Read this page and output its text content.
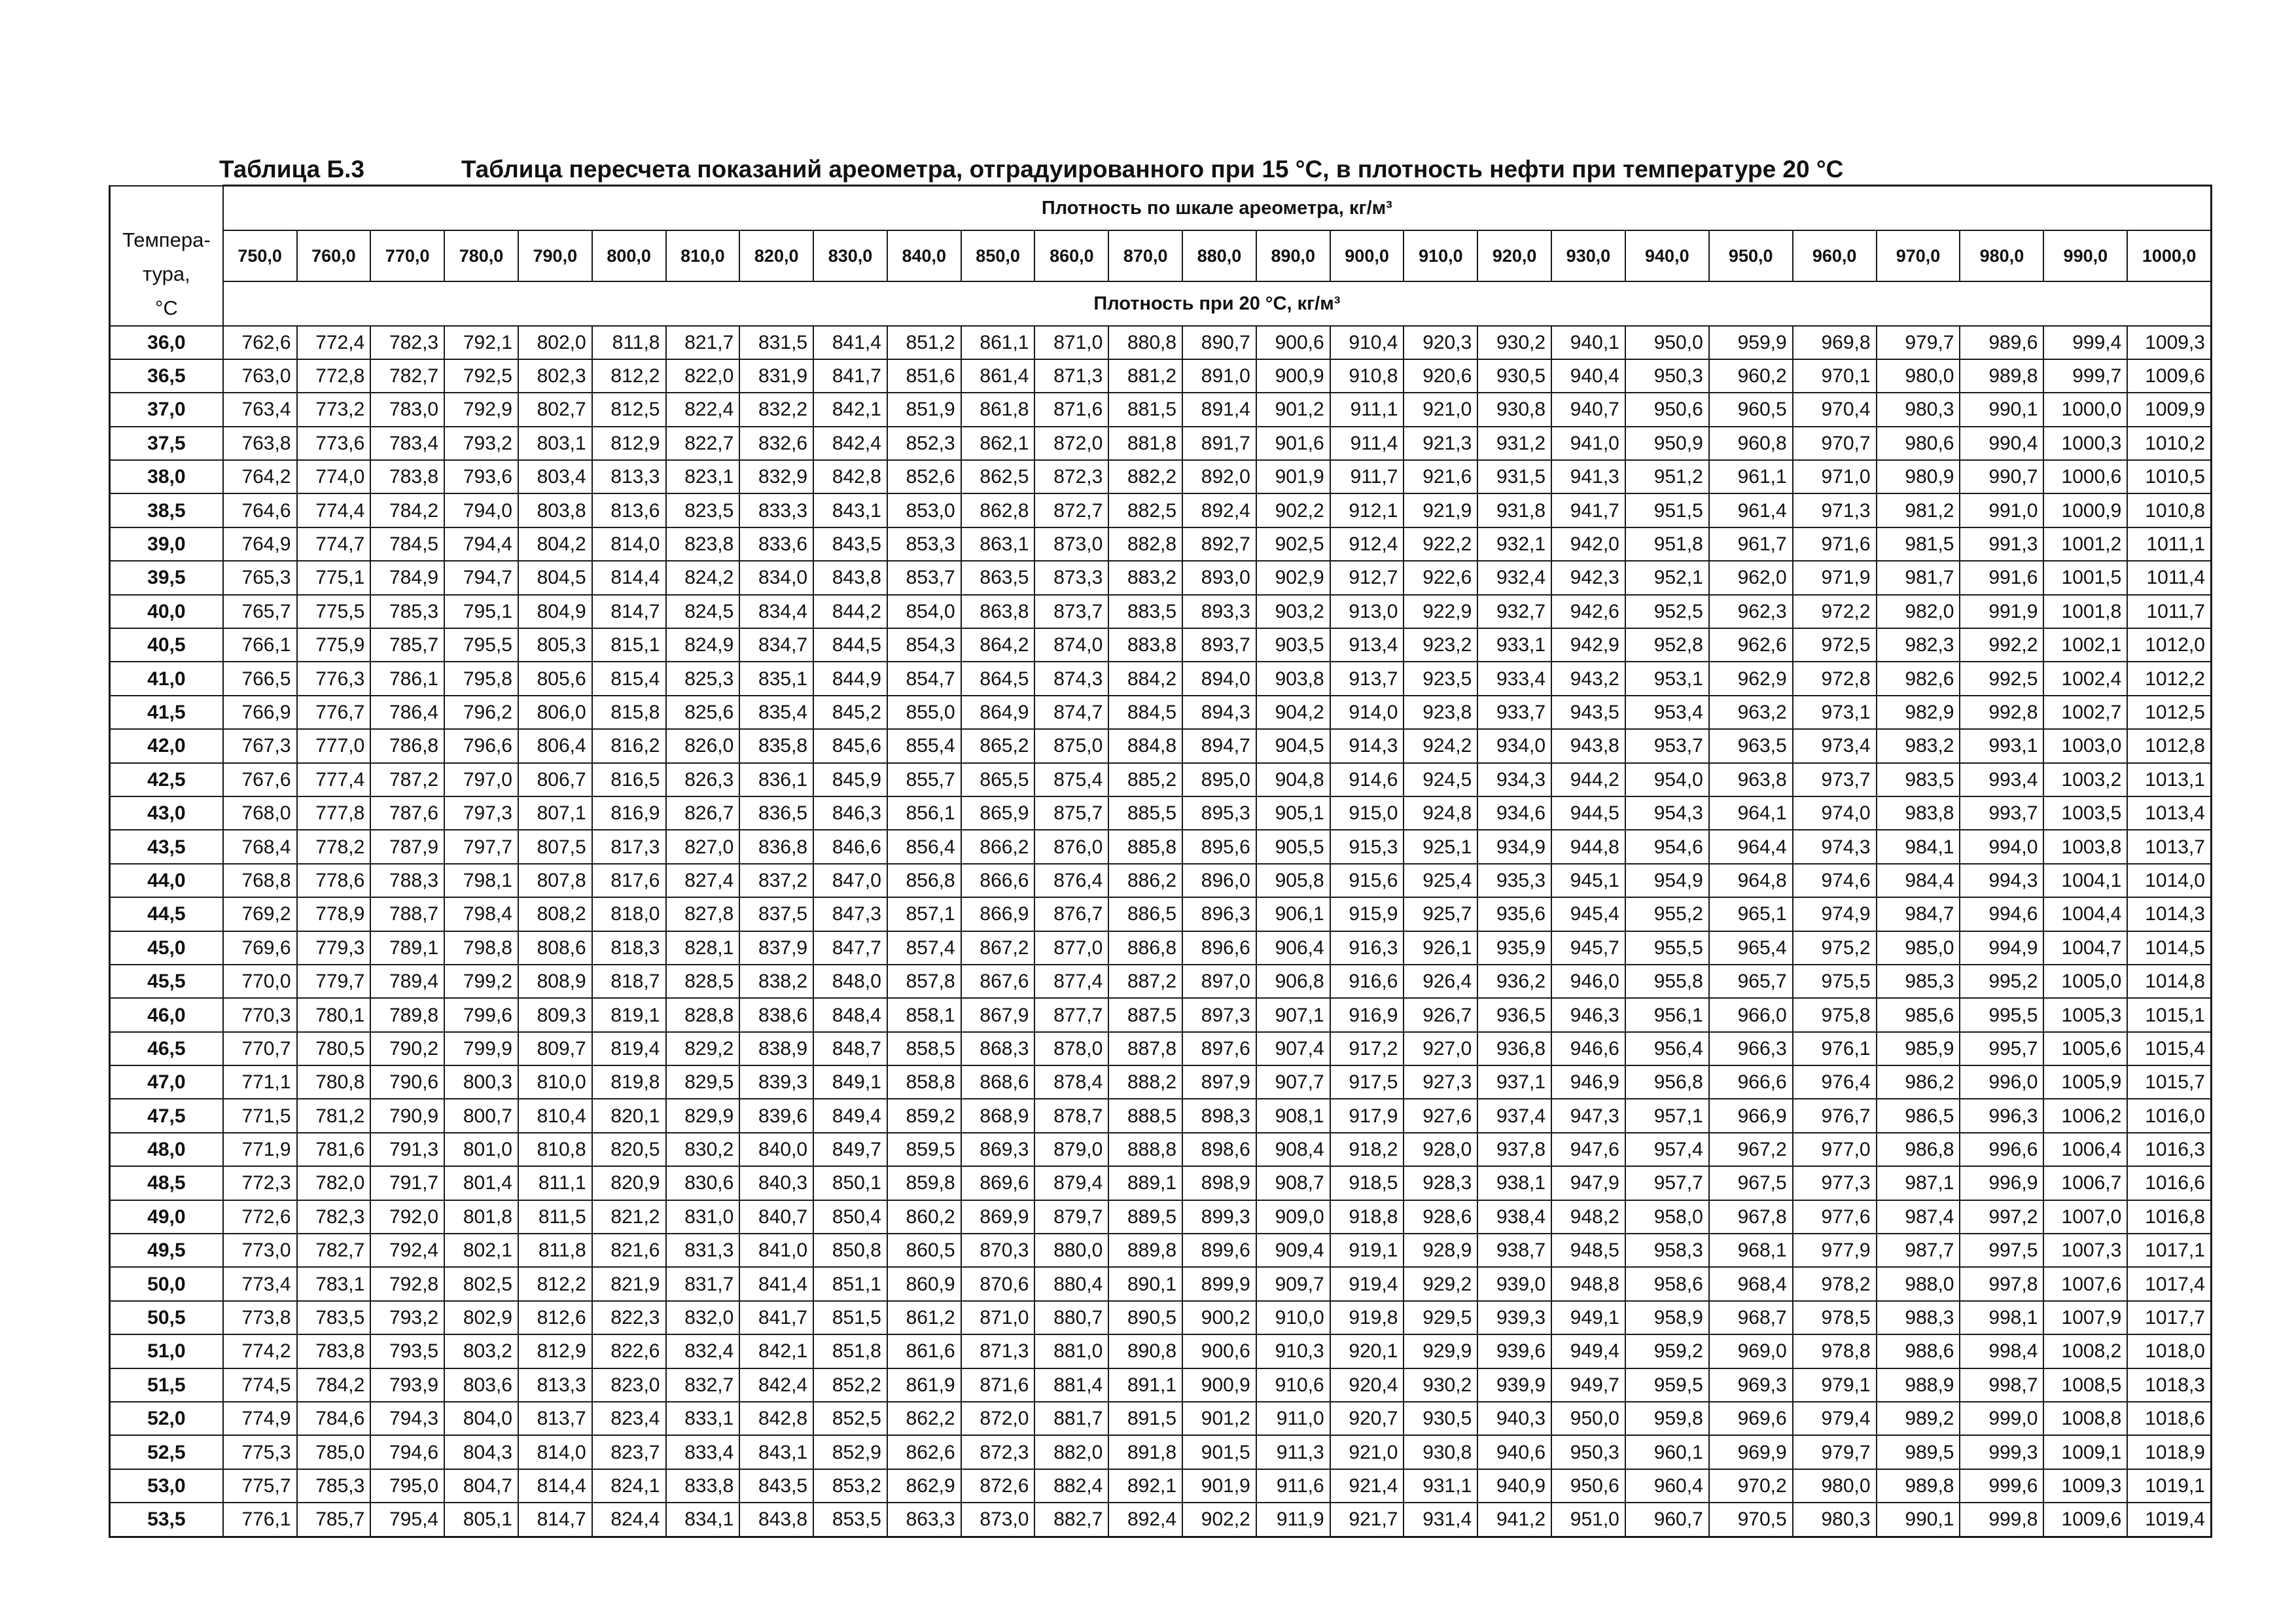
Таблица Б.3	Таблица пересчета показаний ареометра, отградуированного при 15 °C, в плотность нефти при температуре 20 °C

Темпера-
тура,
°C	Плотность по шкале ареометра, кг/м³																									
	750,0	760,0	770,0	780,0	790,0	800,0	810,0	820,0	830,0	840,0	850,0	860,0	870,0	880,0	890,0	900,0	910,0	920,0	930,0	940,0	950,0	960,0	970,0	980,0	990,0	1000,0
	Плотность при 20 °C, кг/м³																									
36,0	762,6	772,4	782,3	792,1	802,0	811,8	821,7	831,5	841,4	851,2	861,1	871,0	880,8	890,7	900,6	910,4	920,3	930,2	940,1	950,0	959,9	969,8	979,7	989,6	999,4	1009,3
36,5	763,0	772,8	782,7	792,5	802,3	812,2	822,0	831,9	841,7	851,6	861,4	871,3	881,2	891,0	900,9	910,8	920,6	930,5	940,4	950,3	960,2	970,1	980,0	989,8	999,7	1009,6
37,0	763,4	773,2	783,0	792,9	802,7	812,5	822,4	832,2	842,1	851,9	861,8	871,6	881,5	891,4	901,2	911,1	921,0	930,8	940,7	950,6	960,5	970,4	980,3	990,1	1000,0	1009,9
37,5	763,8	773,6	783,4	793,2	803,1	812,9	822,7	832,6	842,4	852,3	862,1	872,0	881,8	891,7	901,6	911,4	921,3	931,2	941,0	950,9	960,8	970,7	980,6	990,4	1000,3	1010,2
38,0	764,2	774,0	783,8	793,6	803,4	813,3	823,1	832,9	842,8	852,6	862,5	872,3	882,2	892,0	901,9	911,7	921,6	931,5	941,3	951,2	961,1	971,0	980,9	990,7	1000,6	1010,5
38,5	764,6	774,4	784,2	794,0	803,8	813,6	823,5	833,3	843,1	853,0	862,8	872,7	882,5	892,4	902,2	912,1	921,9	931,8	941,7	951,5	961,4	971,3	981,2	991,0	1000,9	1010,8
39,0	764,9	774,7	784,5	794,4	804,2	814,0	823,8	833,6	843,5	853,3	863,1	873,0	882,8	892,7	902,5	912,4	922,2	932,1	942,0	951,8	961,7	971,6	981,5	991,3	1001,2	1011,1
39,5	765,3	775,1	784,9	794,7	804,5	814,4	824,2	834,0	843,8	853,7	863,5	873,3	883,2	893,0	902,9	912,7	922,6	932,4	942,3	952,1	962,0	971,9	981,7	991,6	1001,5	1011,4
40,0	765,7	775,5	785,3	795,1	804,9	814,7	824,5	834,4	844,2	854,0	863,8	873,7	883,5	893,3	903,2	913,0	922,9	932,7	942,6	952,5	962,3	972,2	982,0	991,9	1001,8	1011,7
40,5	766,1	775,9	785,7	795,5	805,3	815,1	824,9	834,7	844,5	854,3	864,2	874,0	883,8	893,7	903,5	913,4	923,2	933,1	942,9	952,8	962,6	972,5	982,3	992,2	1002,1	1012,0
41,0	766,5	776,3	786,1	795,8	805,6	815,4	825,3	835,1	844,9	854,7	864,5	874,3	884,2	894,0	903,8	913,7	923,5	933,4	943,2	953,1	962,9	972,8	982,6	992,5	1002,4	1012,2
41,5	766,9	776,7	786,4	796,2	806,0	815,8	825,6	835,4	845,2	855,0	864,9	874,7	884,5	894,3	904,2	914,0	923,8	933,7	943,5	953,4	963,2	973,1	982,9	992,8	1002,7	1012,5
42,0	767,3	777,0	786,8	796,6	806,4	816,2	826,0	835,8	845,6	855,4	865,2	875,0	884,8	894,7	904,5	914,3	924,2	934,0	943,8	953,7	963,5	973,4	983,2	993,1	1003,0	1012,8
42,5	767,6	777,4	787,2	797,0	806,7	816,5	826,3	836,1	845,9	855,7	865,5	875,4	885,2	895,0	904,8	914,6	924,5	934,3	944,2	954,0	963,8	973,7	983,5	993,4	1003,2	1013,1
43,0	768,0	777,8	787,6	797,3	807,1	816,9	826,7	836,5	846,3	856,1	865,9	875,7	885,5	895,3	905,1	915,0	924,8	934,6	944,5	954,3	964,1	974,0	983,8	993,7	1003,5	1013,4
43,5	768,4	778,2	787,9	797,7	807,5	817,3	827,0	836,8	846,6	856,4	866,2	876,0	885,8	895,6	905,5	915,3	925,1	934,9	944,8	954,6	964,4	974,3	984,1	994,0	1003,8	1013,7
44,0	768,8	778,6	788,3	798,1	807,8	817,6	827,4	837,2	847,0	856,8	866,6	876,4	886,2	896,0	905,8	915,6	925,4	935,3	945,1	954,9	964,8	974,6	984,4	994,3	1004,1	1014,0
44,5	769,2	778,9	788,7	798,4	808,2	818,0	827,8	837,5	847,3	857,1	866,9	876,7	886,5	896,3	906,1	915,9	925,7	935,6	945,4	955,2	965,1	974,9	984,7	994,6	1004,4	1014,3
45,0	769,6	779,3	789,1	798,8	808,6	818,3	828,1	837,9	847,7	857,4	867,2	877,0	886,8	896,6	906,4	916,3	926,1	935,9	945,7	955,5	965,4	975,2	985,0	994,9	1004,7	1014,5
45,5	770,0	779,7	789,4	799,2	808,9	818,7	828,5	838,2	848,0	857,8	867,6	877,4	887,2	897,0	906,8	916,6	926,4	936,2	946,0	955,8	965,7	975,5	985,3	995,2	1005,0	1014,8
46,0	770,3	780,1	789,8	799,6	809,3	819,1	828,8	838,6	848,4	858,1	867,9	877,7	887,5	897,3	907,1	916,9	926,7	936,5	946,3	956,1	966,0	975,8	985,6	995,5	1005,3	1015,1
46,5	770,7	780,5	790,2	799,9	809,7	819,4	829,2	838,9	848,7	858,5	868,3	878,0	887,8	897,6	907,4	917,2	927,0	936,8	946,6	956,4	966,3	976,1	985,9	995,7	1005,6	1015,4
47,0	771,1	780,8	790,6	800,3	810,0	819,8	829,5	839,3	849,1	858,8	868,6	878,4	888,2	897,9	907,7	917,5	927,3	937,1	946,9	956,8	966,6	976,4	986,2	996,0	1005,9	1015,7
47,5	771,5	781,2	790,9	800,7	810,4	820,1	829,9	839,6	849,4	859,2	868,9	878,7	888,5	898,3	908,1	917,9	927,6	937,4	947,3	957,1	966,9	976,7	986,5	996,3	1006,2	1016,0
48,0	771,9	781,6	791,3	801,0	810,8	820,5	830,2	840,0	849,7	859,5	869,3	879,0	888,8	898,6	908,4	918,2	928,0	937,8	947,6	957,4	967,2	977,0	986,8	996,6	1006,4	1016,3
48,5	772,3	782,0	791,7	801,4	811,1	820,9	830,6	840,3	850,1	859,8	869,6	879,4	889,1	898,9	908,7	918,5	928,3	938,1	947,9	957,7	967,5	977,3	987,1	996,9	1006,7	1016,6
49,0	772,6	782,3	792,0	801,8	811,5	821,2	831,0	840,7	850,4	860,2	869,9	879,7	889,5	899,3	909,0	918,8	928,6	938,4	948,2	958,0	967,8	977,6	987,4	997,2	1007,0	1016,8
49,5	773,0	782,7	792,4	802,1	811,8	821,6	831,3	841,0	850,8	860,5	870,3	880,0	889,8	899,6	909,4	919,1	928,9	938,7	948,5	958,3	968,1	977,9	987,7	997,5	1007,3	1017,1
50,0	773,4	783,1	792,8	802,5	812,2	821,9	831,7	841,4	851,1	860,9	870,6	880,4	890,1	899,9	909,7	919,4	929,2	939,0	948,8	958,6	968,4	978,2	988,0	997,8	1007,6	1017,4
50,5	773,8	783,5	793,2	802,9	812,6	822,3	832,0	841,7	851,5	861,2	871,0	880,7	890,5	900,2	910,0	919,8	929,5	939,3	949,1	958,9	968,7	978,5	988,3	998,1	1007,9	1017,7
51,0	774,2	783,8	793,5	803,2	812,9	822,6	832,4	842,1	851,8	861,6	871,3	881,0	890,8	900,6	910,3	920,1	929,9	939,6	949,4	959,2	969,0	978,8	988,6	998,4	1008,2	1018,0
51,5	774,5	784,2	793,9	803,6	813,3	823,0	832,7	842,4	852,2	861,9	871,6	881,4	891,1	900,9	910,6	920,4	930,2	939,9	949,7	959,5	969,3	979,1	988,9	998,7	1008,5	1018,3
52,0	774,9	784,6	794,3	804,0	813,7	823,4	833,1	842,8	852,5	862,2	872,0	881,7	891,5	901,2	911,0	920,7	930,5	940,3	950,0	959,8	969,6	979,4	989,2	999,0	1008,8	1018,6
52,5	775,3	785,0	794,6	804,3	814,0	823,7	833,4	843,1	852,9	862,6	872,3	882,0	891,8	901,5	911,3	921,0	930,8	940,6	950,3	960,1	969,9	979,7	989,5	999,3	1009,1	1018,9
53,0	775,7	785,3	795,0	804,7	814,4	824,1	833,8	843,5	853,2	862,9	872,6	882,4	892,1	901,9	911,6	921,4	931,1	940,9	950,6	960,4	970,2	980,0	989,8	999,6	1009,3	1019,1
53,5	776,1	785,7	795,4	805,1	814,7	824,4	834,1	843,8	853,5	863,3	873,0	882,7	892,4	902,2	911,9	921,7	931,4	941,2	951,0	960,7	970,5	980,3	990,1	999,8	1009,6	1019,4
